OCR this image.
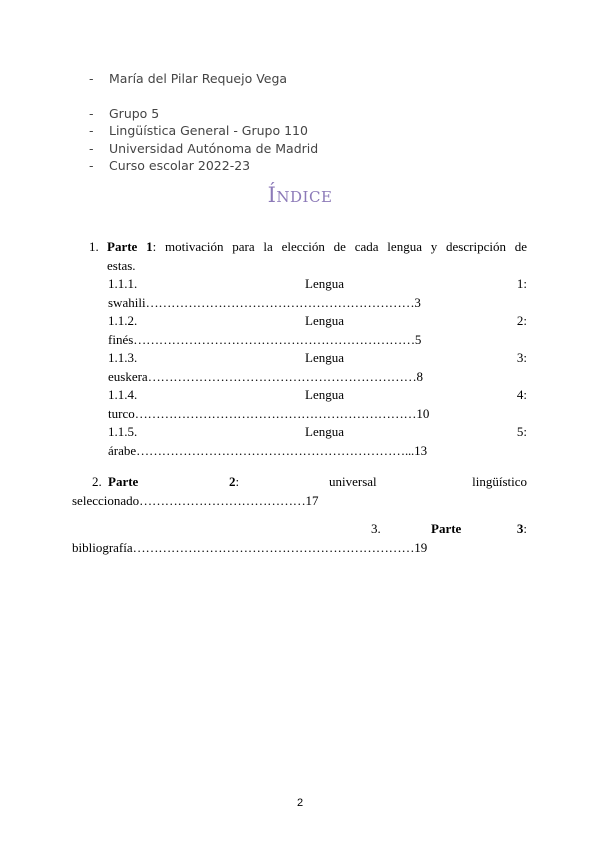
-	María del Pilar Requejo Vega
-	Grupo 5
-	Lingüística General - Grupo 110
-	Universidad Autónoma de Madrid
-	Curso escolar 2022-23
Índice
1. Parte 1: motivación para la elección de cada lengua y descripción de
estas.
1.1.1.	Lengua	1:
swahili………………………………………………………3
1.1.2.	Lengua	2:
finés…………………………………………………………5
1.1.3.	Lengua	3:
euskera………………………………………………………8
1.1.4.	Lengua	4:
turco…………………………………………………………10
1.1.5.	Lengua	5:
árabe………………………………………………………...13
2. Parte	2:	universal	lingüístico
seleccionado…………………………………17
3.	Parte	3:
bibliografía…………………………………………………………19
2
